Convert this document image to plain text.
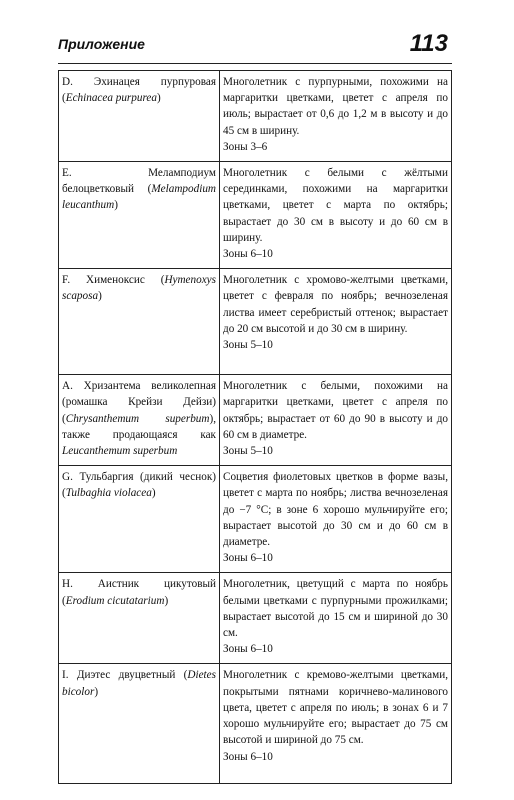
Приложение	113
D. Эхинацея пурпуровая (Echinacea purpurea)	Многолетник с пурпурными, похожими на маргаритки цветками, цветет с апреля по июль; вырастает от 0,6 до 1,2 м в высоту и до 45 см в ширину.
Зоны 3–6

E. Меламподиум белоцветковый (Melampodium leucanthum)	Многолетник с белыми с жёлтыми серединками, похожими на маргаритки цветками, цветет с марта по октябрь; вырастает до 30 см в высоту и до 60 см в ширину.
Зоны 6–10

F. Хименоксис (Hymenoxys scaposa)	Многолетник с хромово-желтыми цветками, цветет с февраля по ноябрь; вечнозеленая листва имеет серебристый оттенок; вырастает до 20 см высотой и до 30 см в ширину.
Зоны 5–10

A. Хризантема великолепная (ромашка Крейзи Дейзи) (Chrysanthemum superbum), также продающаяся как Leucanthemum superbum	Многолетник с белыми, похожими на маргаритки цветками, цветет с апреля по октябрь; вырастает от 60 до 90 в высоту и до 60 см в диаметре.
Зоны 5–10

G. Тульбаргия (дикий чеснок) (Tulbaghia violacea)	Соцветия фиолетовых цветков в форме вазы, цветет с марта по ноябрь; листва вечнозеленая до −7 °С; в зоне 6 хорошо мульчируйте его; вырастает высотой до 30 см и до 60 см в диаметре.
Зоны 6–10

H. Аистник цикутовый (Erodium cicutatarium)	Многолетник, цветущий с марта по ноябрь белыми цветками с пурпурными прожилками; вырастает высотой до 15 см и шириной до 30 см.
Зоны 6–10

I. Диэтес двуцветный (Dietes bicolor)	Многолетник с кремово-желтыми цветками, покрытыми пятнами коричнево-малинового цвета, цветет с апреля по июль; в зонах 6 и 7 хорошо мульчируйте его; вырастает до 75 см высотой и шириной до 75 см.
Зоны 6–10
